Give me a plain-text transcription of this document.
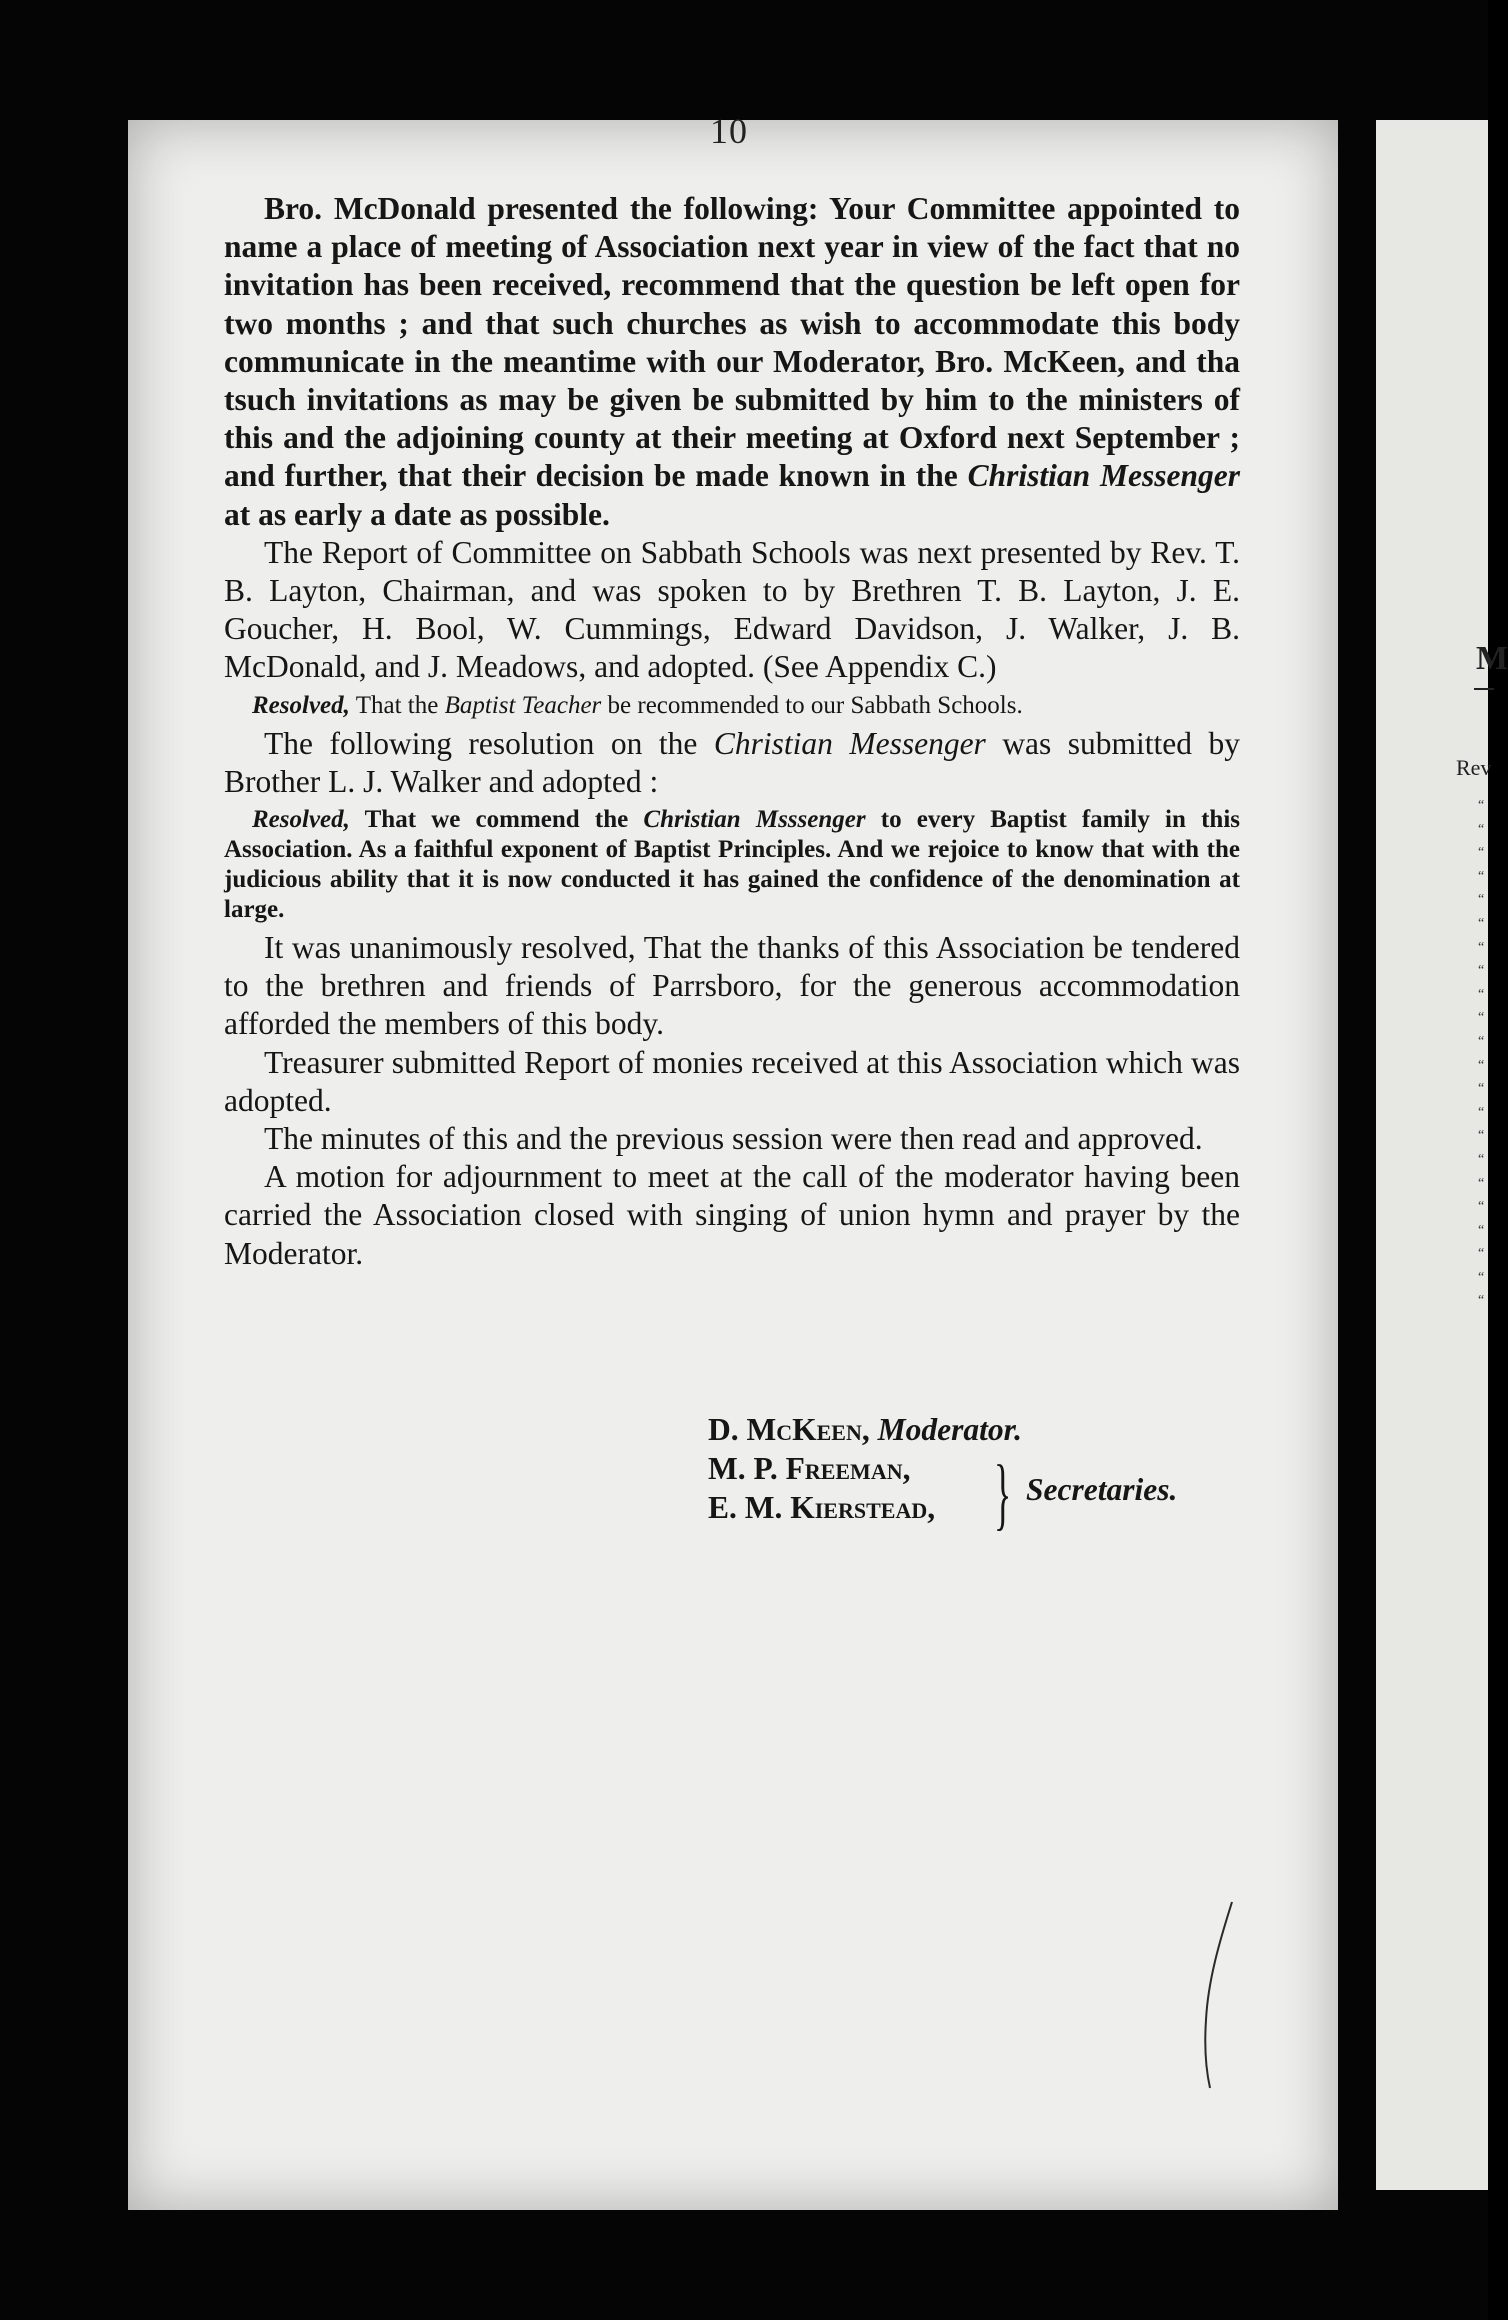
10

Bro. McDonald presented the following: Your Committee appointed to name a place of meeting of Association next year in view of the fact that no invitation has been received, recommend that the question be left open for two months ; and that such churches as wish to accommodate this body communicate in the meantime with our Moderator, Bro. McKeen, and tha tsuch invitations as may be given be submitted by him to the ministers of this and the adjoining county at their meeting at Oxford next September ; and further, that their decision be made known in the Christian Messenger at as early a date as possible.

The Report of Committee on Sabbath Schools was next presented by Rev. T. B. Layton, Chairman, and was spoken to by Brethren T. B. Layton, J. E. Goucher, H. Bool, W. Cummings, Edward Davidson, J. Walker, J. B. McDonald, and J. Meadows, and adopted. (See Appendix C.)

Resolved, That the Baptist Teacher be recommended to our Sabbath Schools.

The following resolution on the Christian Messenger was submitted by Brother L. J. Walker and adopted :

Resolved, That we commend the Christian Msssenger to every Baptist family in this Association. As a faithful exponent of Baptist Principles. And we rejoice to know that with the judicious ability that it is now conducted it has gained the confidence of the denomination at large.

It was unanimously resolved, That the thanks of this Association be tendered to the brethren and friends of Parrsboro, for the generous accommodation afforded the members of this body.

Treasurer submitted Report of monies received at this Association which was adopted.

The minutes of this and the previous session were then read and approved.

A motion for adjournment to meet at the call of the moderator having been carried the Association closed with singing of union hymn and prayer by the Moderator.

D. McKeen, Moderator.
M. P. Freeman,
E. M. Kierstead, } Secretaries.
M
Rev
“
“
“
“
“
“
“
“
“
“
“
“
“
“
“
“
“
“
“
“
“
“
